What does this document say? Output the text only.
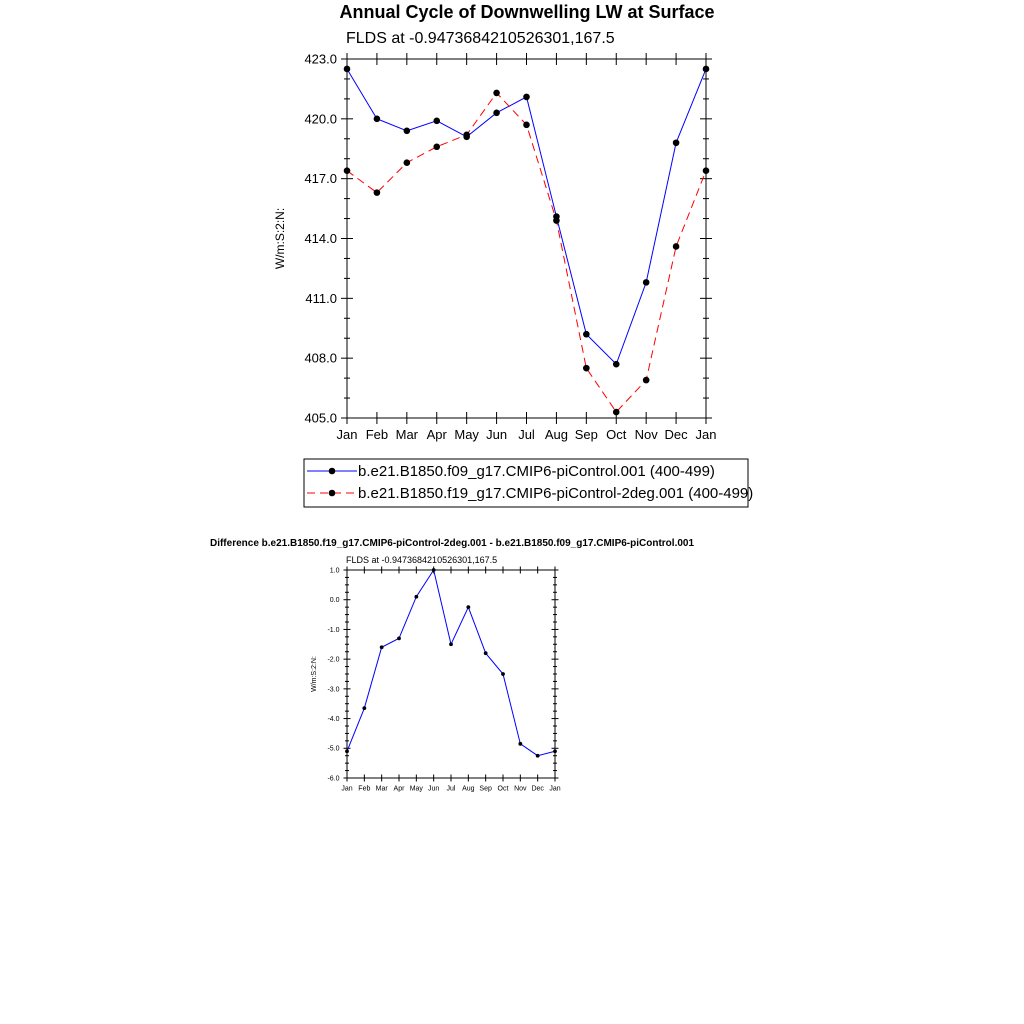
Annual Cycle of Downwelling LW at Surface
FLDS at -0.9473684210526301,167.5
Difference b.e21.B1850.f19_g17.CMIP6-piControl-2deg.001 - b.e21.B1850.f09_g17.CMIP6-piControl.001
FLDS at -0.9473684210526301,167.5
405.0
408.0
411.0
414.0
417.0
420.0
423.0
Jan Feb Mar Apr May Jun Jul Aug Sep Oct Nov Dec Jan
W/m:S:2:N:
b.e21.B1850.f09_g17.CMIP6-piControl.001 (400-499)
b.e21.B1850.f19_g17.CMIP6-piControl-2deg.001 (400-499)
-6.0
-5.0
-4.0
-3.0
-2.0
-1.0
0.0
1.0
Jan Feb Mar Apr May Jun Jul Aug Sep Oct Nov Dec Jan
W/m:S:2:N:
